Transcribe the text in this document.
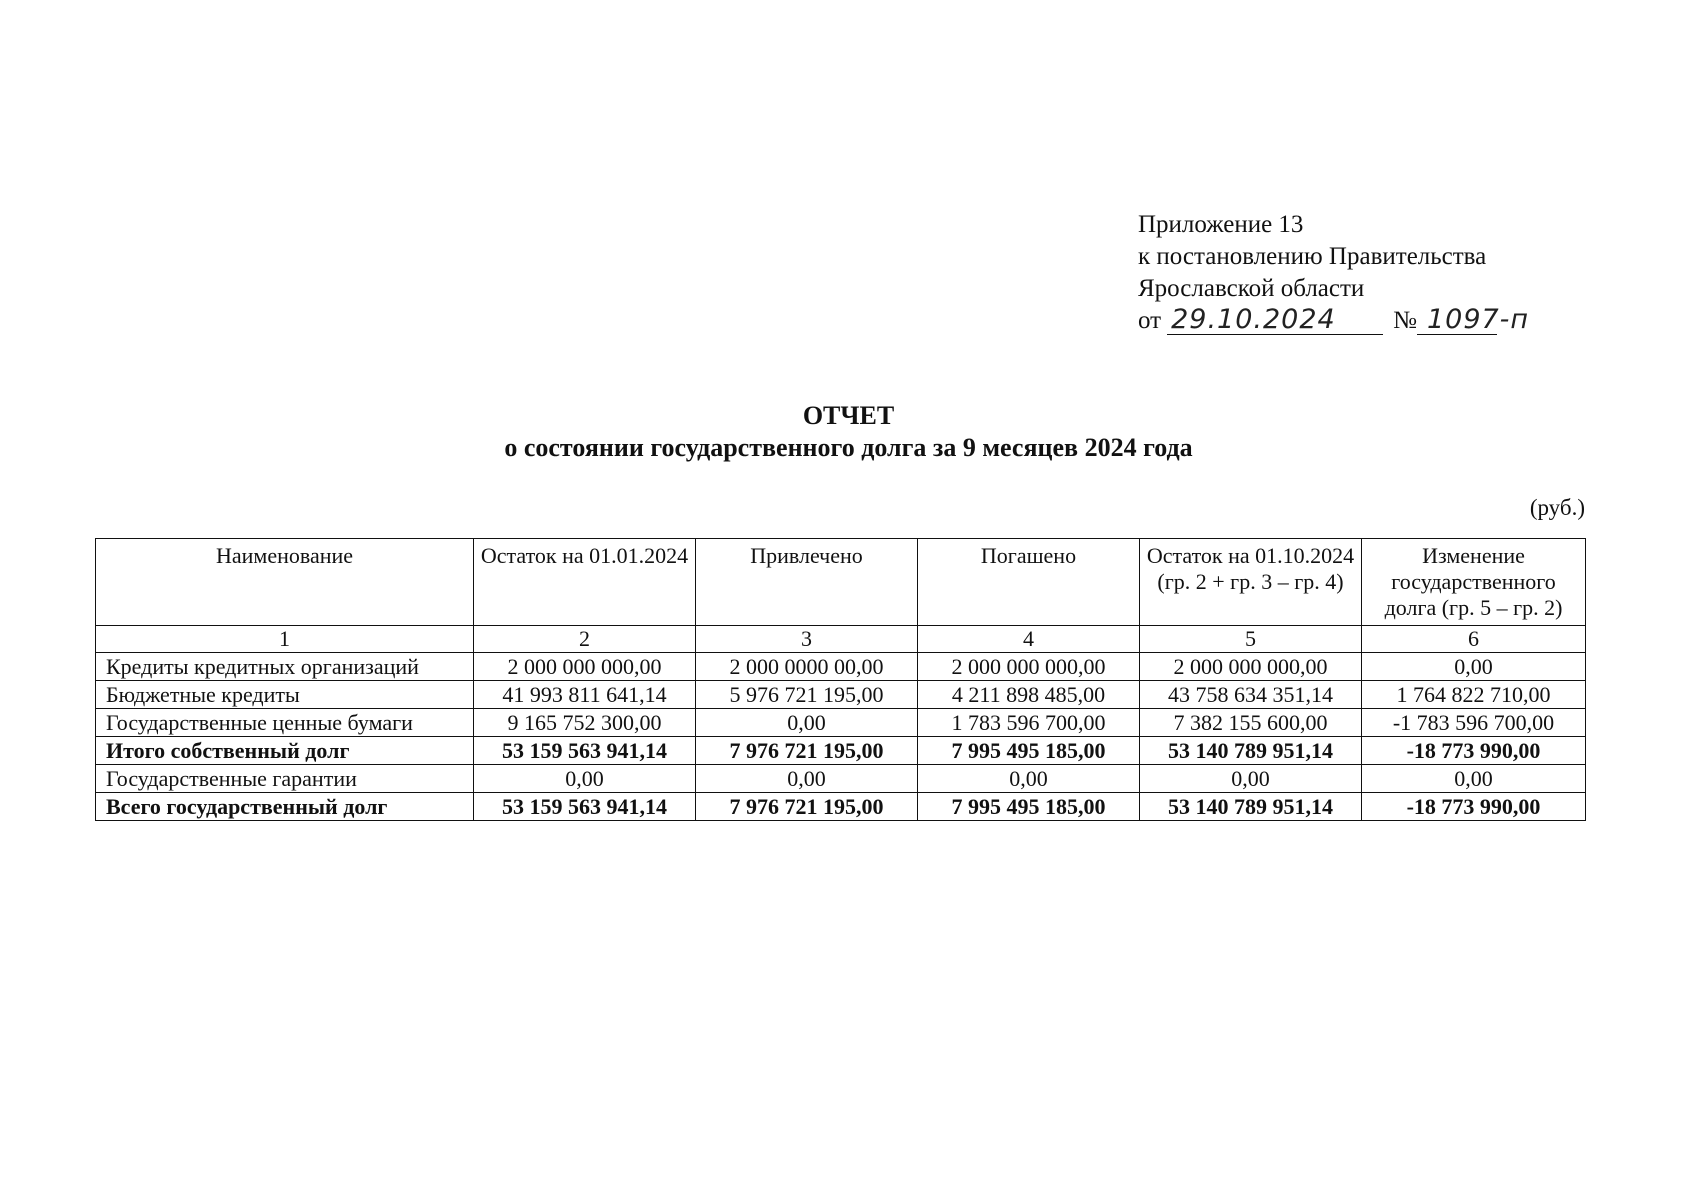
Приложение 13
к постановлению Правительства
Ярославской области
от 29.10.2024 № 1097-п
ОТЧЕТ
о состоянии государственного долга за 9 месяцев 2024 года
(руб.)
Наименование	Остаток на 01.01.2024	Привлечено	Погашено	Остаток на 01.10.2024 (гр. 2 + гр. 3 – гр. 4)	Изменение государственного долга (гр. 5 – гр. 2)
1	2	3	4	5	6
Кредиты кредитных организаций	2 000 000 000,00	2 000 0000 00,00	2 000 000 000,00	2 000 000 000,00	0,00
Бюджетные кредиты	41 993 811 641,14	5 976 721 195,00	4 211 898 485,00	43 758 634 351,14	1 764 822 710,00
Государственные ценные бумаги	9 165 752 300,00	0,00	1 783 596 700,00	7 382 155 600,00	-1 783 596 700,00
Итого собственный долг	53 159 563 941,14	7 976 721 195,00	7 995 495 185,00	53 140 789 951,14	-18 773 990,00
Государственные гарантии	0,00	0,00	0,00	0,00	0,00
Всего государственный долг	53 159 563 941,14	7 976 721 195,00	7 995 495 185,00	53 140 789 951,14	-18 773 990,00
